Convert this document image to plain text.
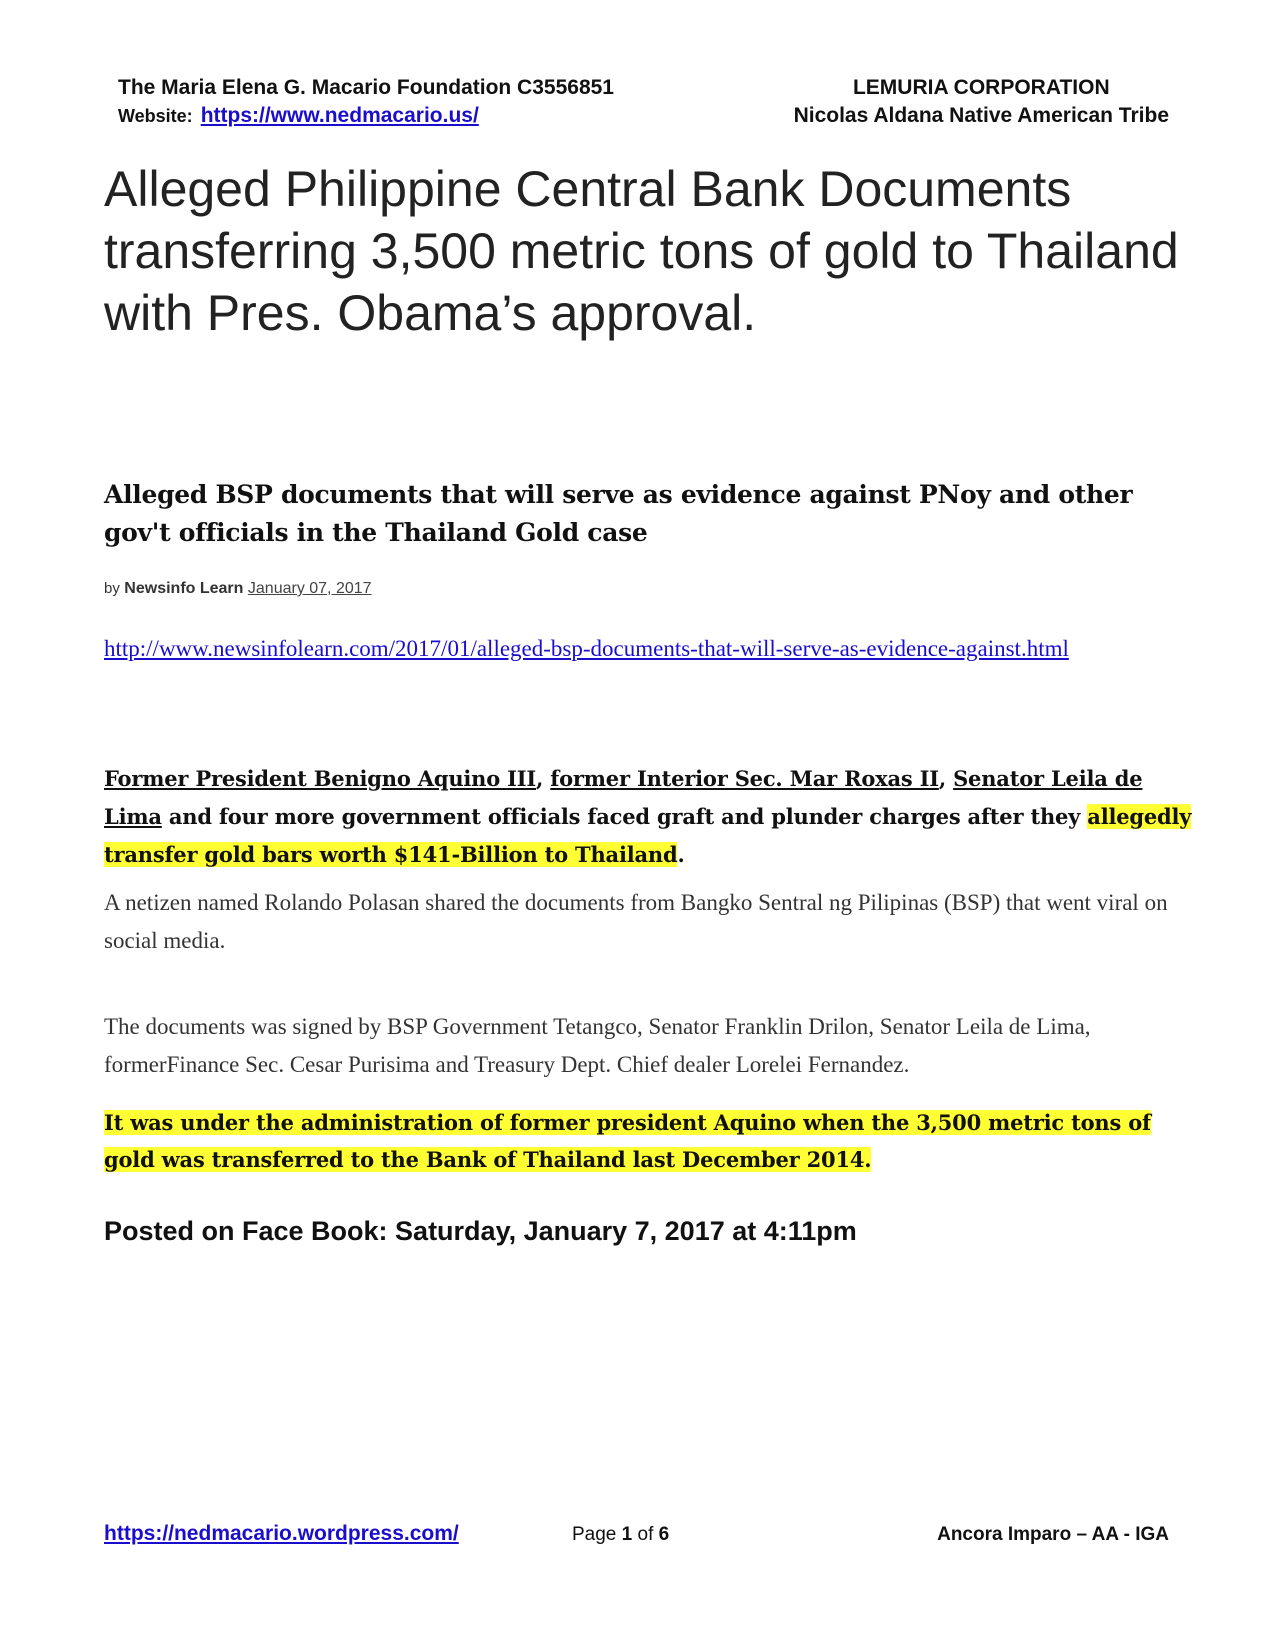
The Maria Elena G. Macario Foundation C3556851
Website: https://www.nedmacario.us/
LEMURIA CORPORATION
Nicolas Aldana Native American Tribe
Alleged Philippine Central Bank Documents transferring 3,500 metric tons of gold to Thailand with Pres. Obama’s approval.
Alleged BSP documents that will serve as evidence against PNoy and other gov't officials in the Thailand Gold case
by Newsinfo Learn January 07, 2017
http://www.newsinfolearn.com/2017/01/alleged-bsp-documents-that-will-serve-as-evidence-against.html

Former President Benigno Aquino III, former Interior Sec. Mar Roxas II, Senator Leila de Lima and four more government officials faced graft and plunder charges after they allegedly transfer gold bars worth $141-Billion to Thailand.

A netizen named Rolando Polasan shared the documents from Bangko Sentral ng Pilipinas (BSP) that went viral on social media.

The documents was signed by BSP Government Tetangco, Senator Franklin Drilon, Senator Leila de Lima, formerFinance Sec. Cesar Purisima and Treasury Dept. Chief dealer Lorelei Fernandez.

It was under the administration of former president Aquino when the 3,500 metric tons of gold was transferred to the Bank of Thailand last December 2014.

Posted on Face Book: Saturday, January 7, 2017 at 4:11pm
https://nedmacario.wordpress.com/	Page 1 of 6	Ancora Imparo – AA - IGA
